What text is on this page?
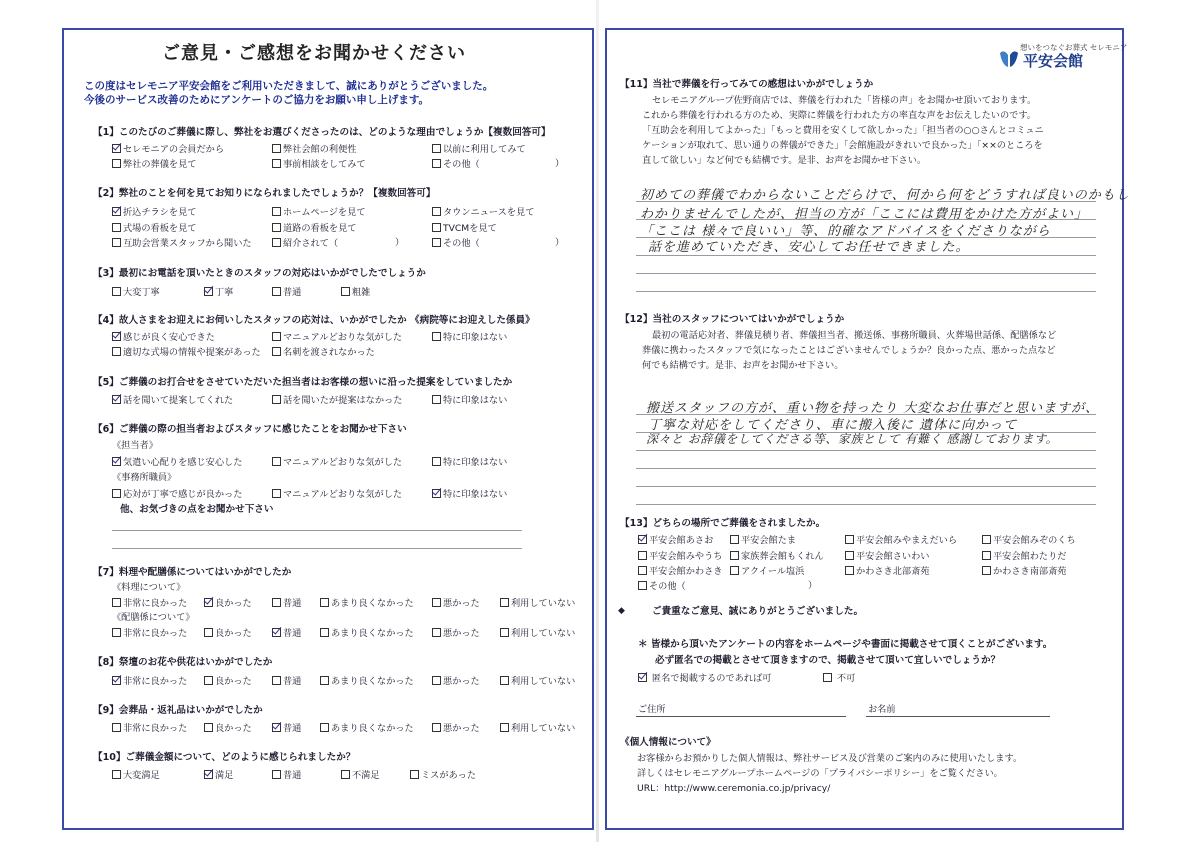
ご意見・ご感想をお聞かせください
この度はセレモニア平安会館をご利用いただきまして、誠にありがとうございました。
今後のサービス改善のためにアンケートのご協力をお願い申し上げます。
【1】このたびのご葬儀に際し、弊社をお選びくださったのは、どのような理由でしょうか【複数回答可】
セレモニアの会員だから	弊社会館の利便性	以前に利用してみて
弊社の葬儀を見て	事前相談をしてみて	その他（	）
【2】弊社のことを何を見てお知りになられましたでしょうか？【複数回答可】
折込チラシを見て	ホームページを見て	タウンニュースを見て
式場の看板を見て	道路の看板を見て	TVCMを見て
互助会営業スタッフから聞いた	紹介されて（	）	その他（	）
【3】最初にお電話を頂いたときのスタッフの対応はいかがでしたでしょうか
大変丁寧	丁寧	普通	粗雑
【4】故人さまをお迎えにお伺いしたスタッフの応対は、いかがでしたか 《病院等にお迎えした係員》
感じが良く安心できた	マニュアルどおりな気がした	特に印象はない
適切な式場の情報や提案があった	名刺を渡されなかった
【5】ご葬儀のお打合せをさせていただいた担当者はお客様の想いに沿った提案をしていましたか
話を聞いて提案してくれた	話を聞いたが提案はなかった	特に印象はない
【6】ご葬儀の際の担当者およびスタッフに感じたことをお聞かせ下さい
《担当者》
気遣い心配りを感じ安心した	マニュアルどおりな気がした	特に印象はない
《事務所職員》
応対が丁寧で感じが良かった	マニュアルどおりな気がした	特に印象はない
他、お気づきの点をお聞かせ下さい
【7】料理や配膳係についてはいかがでしたか
《料理について》
非常に良かった	良かった	普通	あまり良くなかった	悪かった	利用していない
《配膳係について》
非常に良かった	良かった	普通	あまり良くなかった	悪かった	利用していない
【8】祭壇のお花や供花はいかがでしたか
非常に良かった	良かった	普通	あまり良くなかった	悪かった	利用していない
【9】会葬品・返礼品はいかがでしたか
非常に良かった	良かった	普通	あまり良くなかった	悪かった	利用していない
【10】ご葬儀金額について、どのように感じられましたか？
大変満足	満足	普通	不満足	ミスがあった
想いをつなぐお葬式 セレモニア
平安会館
【11】当社で葬儀を行ってみての感想はいかがでしょうか
セレモニアグループ佐野商店では、葬儀を行われた「皆様の声」をお聞かせ頂いております。
これから葬儀を行われる方のため、実際に葬儀を行われた方の率直な声をお伝えしたいのです。
「互助会を利用してよかった」「もっと費用を安くして欲しかった」「担当者の○○さんとコミュニ
ケーションが取れて、思い通りの葬儀ができた」「会館施設がきれいで良かった」「××のところを
直して欲しい」など何でも結構です。是非、お声をお聞かせ下さい。
初めての葬儀でわからないことだらけで、何から何をどうすれば良いのかもし
わかりませんでしたが、担当の方が「ここには費用をかけた方がよい」
「ここは 様々で良いい」等、的確なアドバイスをくださりながら
話を進めていただき、安心してお任せできました。
【12】当社のスタッフについてはいかがでしょうか
最初の電話応対者、葬儀見積り者、葬儀担当者、搬送係、事務所職員、火葬場世話係、配膳係など
葬儀に携わったスタッフで気になったことはございませんでしょうか？良かった点、悪かった点など
何でも結構です。是非、お声をお聞かせ下さい。
搬送スタッフの方が、重い物を持ったり 大変なお仕事だと思いますが、
丁寧な対応をしてくださり、車に搬入後に 遺体に向かって
深々と お辞儀をしてくださる等、家族として 有難く 感謝しております。
【13】どちらの場所でご葬儀をされましたか。
平安会館あさお	平安会館たま	平安会館みやまえだいら	平安会館みぞのくち
平安会館みやうち	家族葬会館もくれん	平安会館さいわい	平安会館わたりだ
平安会館かわさき	アクイール塩浜	かわさき北部斎苑	かわさき南部斎苑
その他（	）
◆	ご貴重なご意見、誠にありがとうございました。
＊ 皆様から頂いたアンケートの内容をホームページや書面に掲載させて頂くことがございます。
必ず匿名での掲載とさせて頂きますので、掲載させて頂いて宜しいでしょうか？
匿名で掲載するのであれば可	不可
ご住所	お名前
《個人情報について》
お客様からお預かりした個人情報は、弊社サービス及び営業のご案内のみに使用いたします。
詳しくはセレモニアグループホームページの「プライバシーポリシー」をご覧ください。
URL：http://www.ceremonia.co.jp/privacy/
